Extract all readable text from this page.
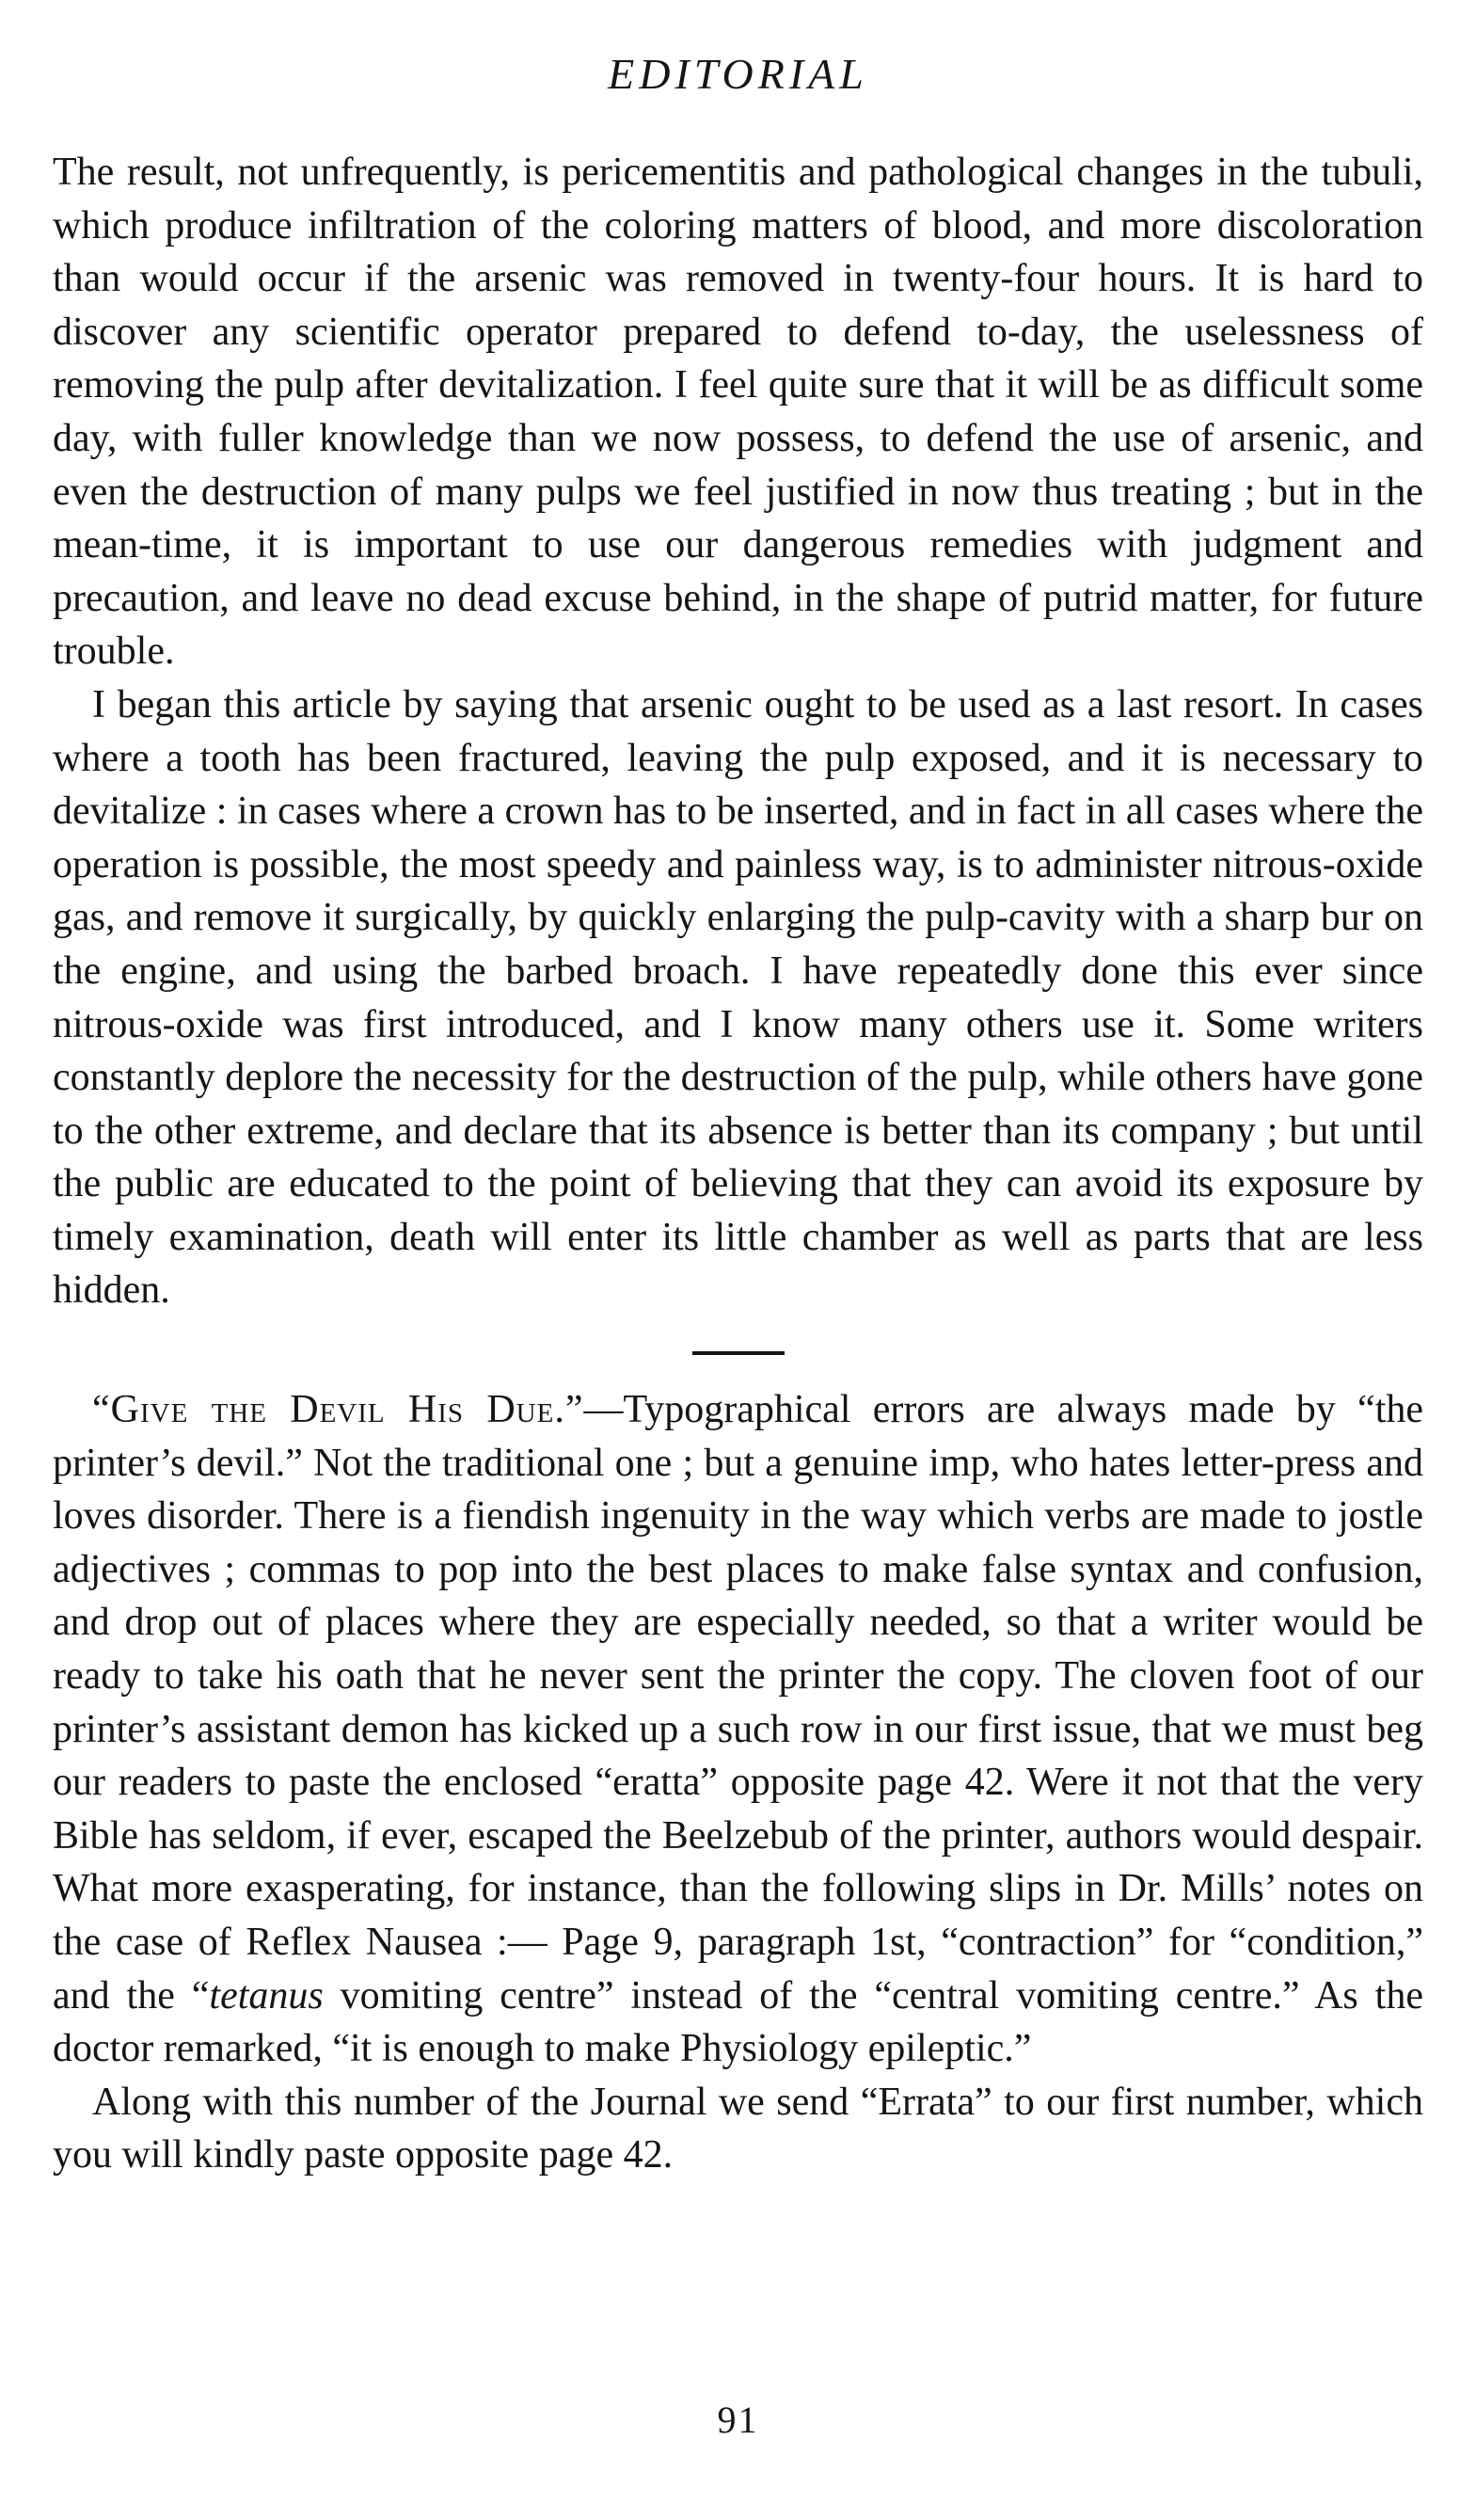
EDITORIAL

The result, not unfrequently, is pericementitis and pathological changes in the tubuli, which produce infiltration of the coloring matters of blood, and more discoloration than would occur if the arsenic was removed in twenty-four hours. It is hard to discover any scientific operator prepared to defend to-day, the uselessness of removing the pulp after devitalization. I feel quite sure that it will be as difficult some day, with fuller knowledge than we now possess, to defend the use of arsenic, and even the destruction of many pulps we feel justified in now thus treating ; but in the mean-time, it is important to use our dangerous remedies with judgment and precaution, and leave no dead excuse behind, in the shape of putrid matter, for future trouble.

I began this article by saying that arsenic ought to be used as a last resort. In cases where a tooth has been fractured, leaving the pulp exposed, and it is necessary to devitalize : in cases where a crown has to be inserted, and in fact in all cases where the operation is possible, the most speedy and painless way, is to administer nitrous-oxide gas, and remove it surgically, by quickly enlarging the pulp-cavity with a sharp bur on the engine, and using the barbed broach. I have repeatedly done this ever since nitrous-oxide was first introduced, and I know many others use it. Some writers constantly deplore the necessity for the destruction of the pulp, while others have gone to the other extreme, and declare that its absence is better than its company ; but until the public are educated to the point of believing that they can avoid its exposure by timely examination, death will enter its little chamber as well as parts that are less hidden.

“Give the Devil His Due.”—Typographical errors are always made by “the printer’s devil.” Not the traditional one ; but a genuine imp, who hates letter-press and loves disorder. There is a fiendish ingenuity in the way which verbs are made to jostle adjectives ; commas to pop into the best places to make false syntax and confusion, and drop out of places where they are especially needed, so that a writer would be ready to take his oath that he never sent the printer the copy. The cloven foot of our printer’s assistant demon has kicked up a such row in our first issue, that we must beg our readers to paste the enclosed “eratta” opposite page 42. Were it not that the very Bible has seldom, if ever, escaped the Beelzebub of the printer, authors would despair. What more exasperating, for instance, than the following slips in Dr. Mills’ notes on the case of Reflex Nausea :— Page 9, paragraph 1st, “contraction” for “condition,” and the “tetanus vomiting centre” instead of the “central vomiting centre.” As the doctor remarked, “it is enough to make Physiology epileptic.”

Along with this number of the Journal we send “Errata” to our first number, which you will kindly paste opposite page 42.

91
